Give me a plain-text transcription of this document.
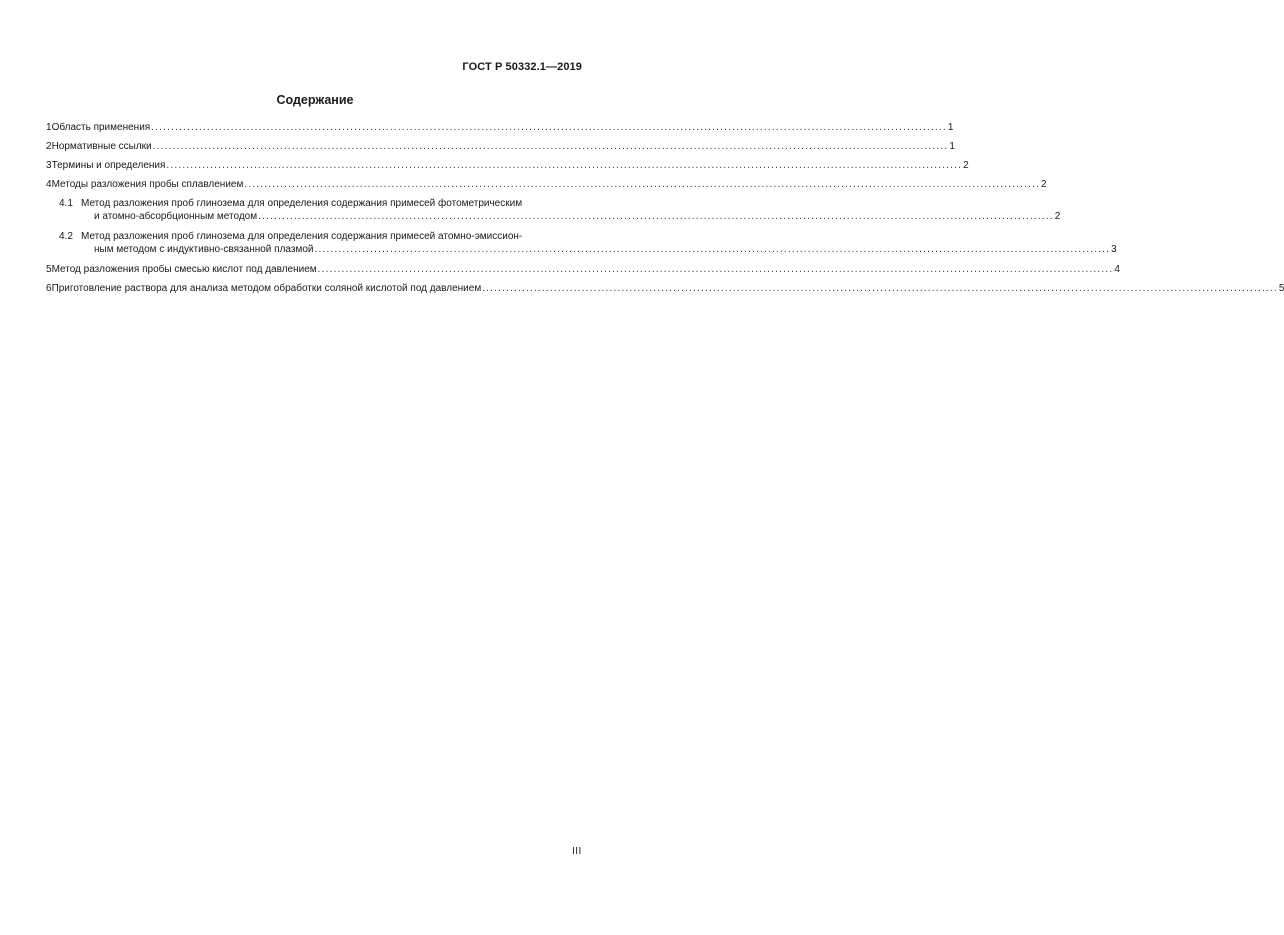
ГОСТ Р 50332.1—2019
Содержание
1 Область применения ........................................................................................................................................................................................................ 1
2 Нормативные ссылки ........................................................................................................................................................................................................ 1
3 Термины и определения ........................................................................................................................................................................................................ 2
4 Методы разложения пробы сплавлением ........................................................................................................................................................................................................ 2
4.1 Метод разложения проб глинозема для определения содержания примесей фотометрическим
и атомно-абсорбционным методом ........................................................................................................................................................................................................ 2
4.2 Метод разложения проб глинозема для определения содержания примесей атомно-эмиссион-
ным методом с индуктивно-связанной плазмой ........................................................................................................................................................................................................ 3
5 Метод разложения пробы смесью кислот под давлением ........................................................................................................................................................................................................ 4
6 Приготовление раствора для анализа методом обработки соляной кислотой под давлением ........................................................................................................................................................................................................ 5
III
